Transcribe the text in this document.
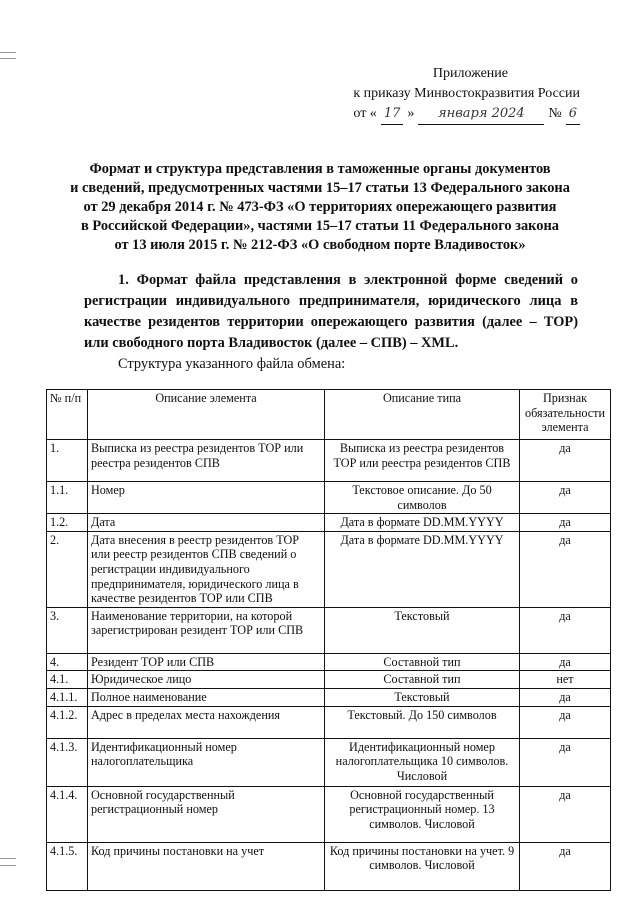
Приложение
к приказу Минвостокразвития России
от « 17 »	января 2024	№ 6
Формат и структура представления в таможенные органы документов
и сведений, предусмотренных частями 15–17 статьи 13 Федерального закона
от 29 декабря 2014 г. № 473-ФЗ «О территориях опережающего развития
в Российской Федерации», частями 15–17 статьи 11 Федерального закона
от 13 июля 2015 г. № 212-ФЗ «О свободном порте Владивосток»
1. Формат файла представления в электронной форме сведений о регистрации индивидуального предпринимателя, юридического лица в качестве резидентов территории опережающего развития (далее – ТОР) или свободного порта Владивосток (далее – СПВ) – XML.
Структура указанного файла обмена:
№ п/п	Описание элемента	Описание типа	Признак обязательности элемента
1.	Выписка из реестра резидентов ТОР или реестра резидентов СПВ	Выписка из реестра резидентов ТОР или реестра резидентов СПВ	да
1.1.	Номер	Текстовое описание. До 50 символов	да
1.2.	Дата	Дата в формате DD.MM.YYYY	да
2.	Дата внесения в реестр резидентов ТОР или реестр резидентов СПВ сведений о регистрации индивидуального предпринимателя, юридического лица в качестве резидентов ТОР или СПВ	Дата в формате DD.MM.YYYY	да
3.	Наименование территории, на которой зарегистрирован резидент ТОР или СПВ	Текстовый	да
4.	Резидент ТОР или СПВ	Составной тип	да
4.1.	Юридическое лицо	Составной тип	нет
4.1.1.	Полное наименование	Текстовый	да
4.1.2.	Адрес в пределах места нахождения	Текстовый. До 150 символов	да
4.1.3.	Идентификационный номер налогоплательщика	Идентификационный номер налогоплательщика 10 символов. Числовой	да
4.1.4.	Основной государственный регистрационный номер	Основной государственный регистрационный номер. 13 символов. Числовой	да
4.1.5.	Код причины постановки на учет	Код причины постановки на учет. 9 символов. Числовой	да
